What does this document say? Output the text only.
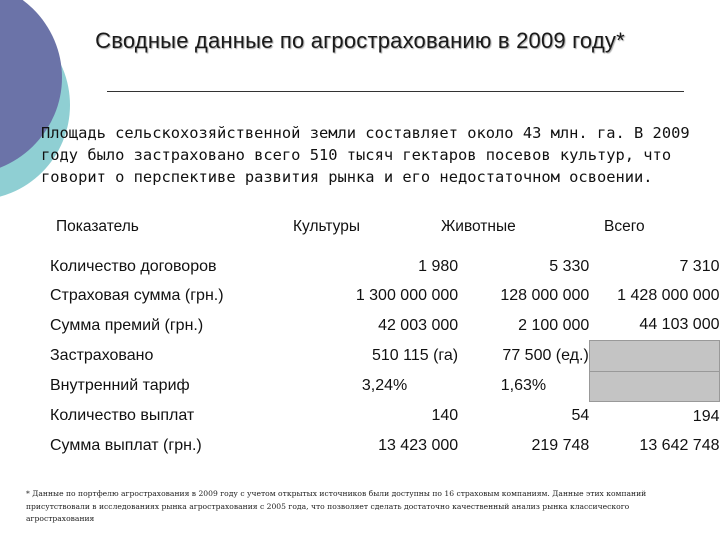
Сводные данные по агрострахованию в 2009 году*
Площадь сельскохозяйственной земли составляет около 43 млн. га. В 2009 году было застраховано всего 510 тысяч гектаров посевов культур, что говорит о перспективе развития рынка и его недостаточном освоении.
Показатель	Культуры	Животные	Всего
Количество договоров	1 980	5 330	7 310
Страховая сумма (грн.)	1 300 000 000	128 000 000	1 428 000 000
Сумма премий (грн.)	42 003 000	2 100 000	44 103 000
Застраховано	510 115 (га)	77 500 (ед.)	
Внутренний тариф	3,24%	1,63%	
Количество выплат	140	54	194
Сумма выплат (грн.)	13 423 000	219 748	13 642 748
* Данные по портфелю агрострахования в 2009 году с учетом открытых источников были доступны по 16 страховым компаниям. Данные этих компаний присутствовали в исследованиях рынка агрострахования с 2005 года, что позволяет сделать достаточно качественный анализ рынка классического агрострахования
